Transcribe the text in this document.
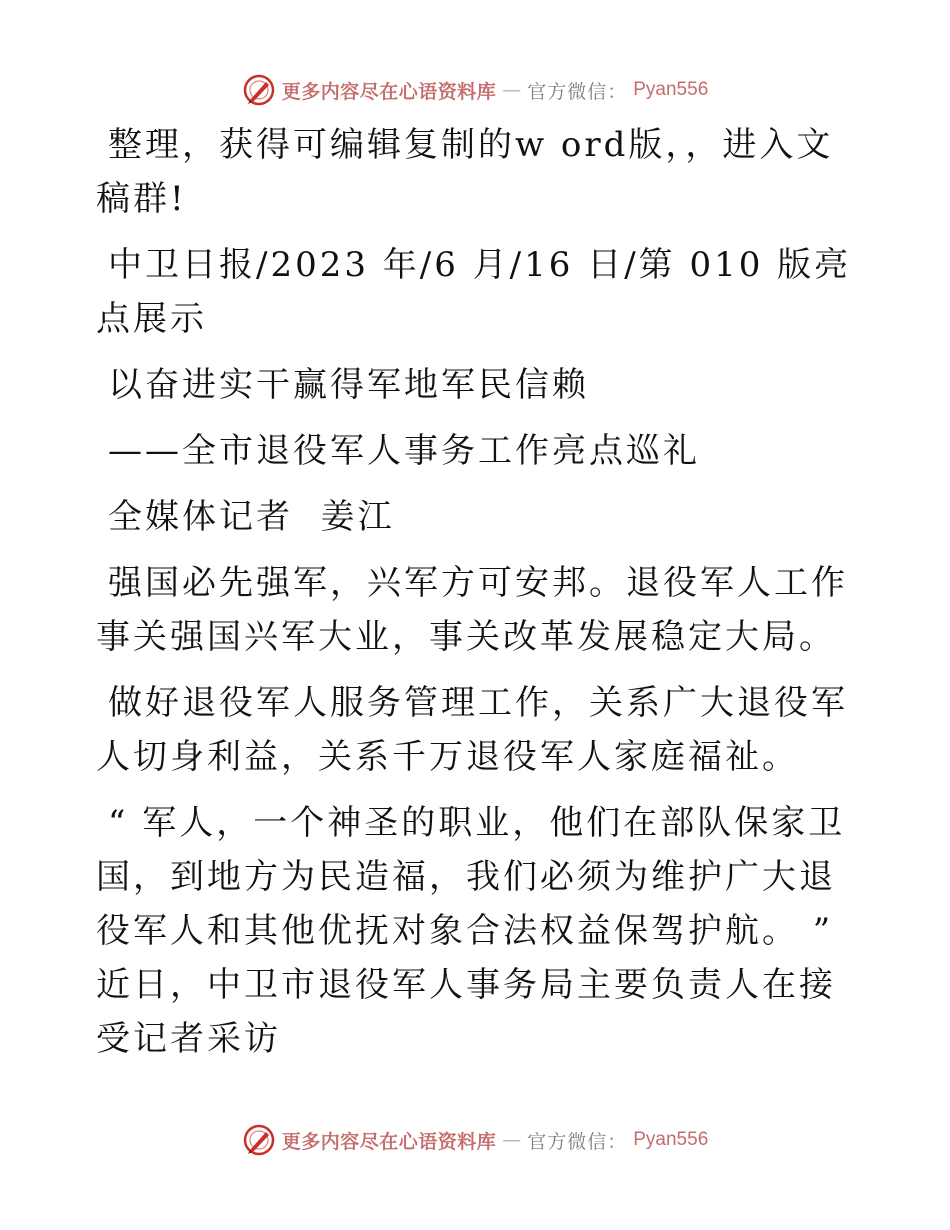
更多内容尽在心语资料库 — 官方微信： Pyan556

整理，获得可编辑复制的w ord版，，进入文稿群!

中卫日报/2023 年/6 月/16 日/第 010 版亮点展示

以奋进实干赢得军地军民信赖

——全市退役军人事务工作亮点巡礼

全媒体记者  姜江

强国必先强军，兴军方可安邦。退役军人工作事关强国兴军大业，事关改革发展稳定大局。

做好退役军人服务管理工作，关系广大退役军人切身利益，关系千万退役军人家庭福祉。

“ 军人，一个神圣的职业，他们在部队保家卫国，到地方为民造福，我们必须为维护广大退役军人和其他优抚对象合法权益保驾护航。 ” 近日，中卫市退役军人事务局主要负责人在接受记者采访

更多内容尽在心语资料库 — 官方微信： Pyan556
